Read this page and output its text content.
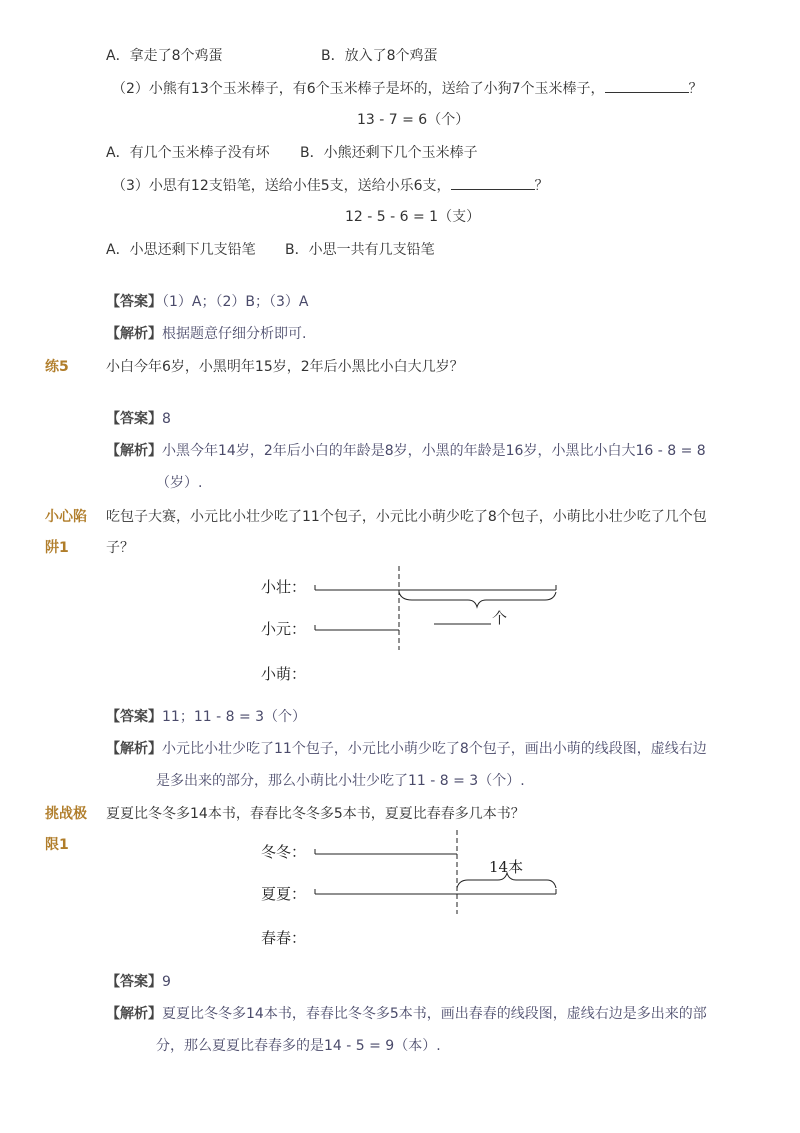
A．拿走了8个鸡蛋	B．放入了8个鸡蛋
（2）小熊有13个玉米棒子，有6个玉米棒子是坏的，送给了小狗7个玉米棒子，	？
13 - 7 = 6（个）
A．有几个玉米棒子没有坏 B．小熊还剩下几个玉米棒子
（3）小思有12支铅笔，送给小佳5支，送给小乐6支，	？
12 - 5 - 6 = 1（支）
A．小思还剩下几支铅笔 B．小思一共有几支铅笔
【答案】（1）A；（2）B；（3）A
【解析】根据题意仔细分析即可.
练5	小白今年6岁，小黑明年15岁，2年后小黑比小白大几岁？
【答案】8
【解析】小黑今年14岁，2年后小白的年龄是8岁，小黑的年龄是16岁，小黑比小白大16 - 8 = 8
（岁）.
小心陷
阱1
吃包子大赛，小元比小壮少吃了11个包子，小元比小萌少吃了8个包子，小萌比小壮少吃了几个包
子？
小壮：
小元：
小萌：
个
【答案】11；11 - 8 = 3（个）
【解析】小元比小壮少吃了11个包子，小元比小萌少吃了8个包子，画出小萌的线段图，虚线右边
是多出来的部分，那么小萌比小壮少吃了11 - 8 = 3（个）.
挑战极
限1
夏夏比冬冬多14本书，春春比冬冬多5本书，夏夏比春春多几本书？
冬冬：
夏夏：
春春：
14本
【答案】9
【解析】夏夏比冬冬多14本书，春春比冬冬多5本书，画出春春的线段图，虚线右边是多出来的部
分，那么夏夏比春春多的是14 - 5 = 9（本）.
